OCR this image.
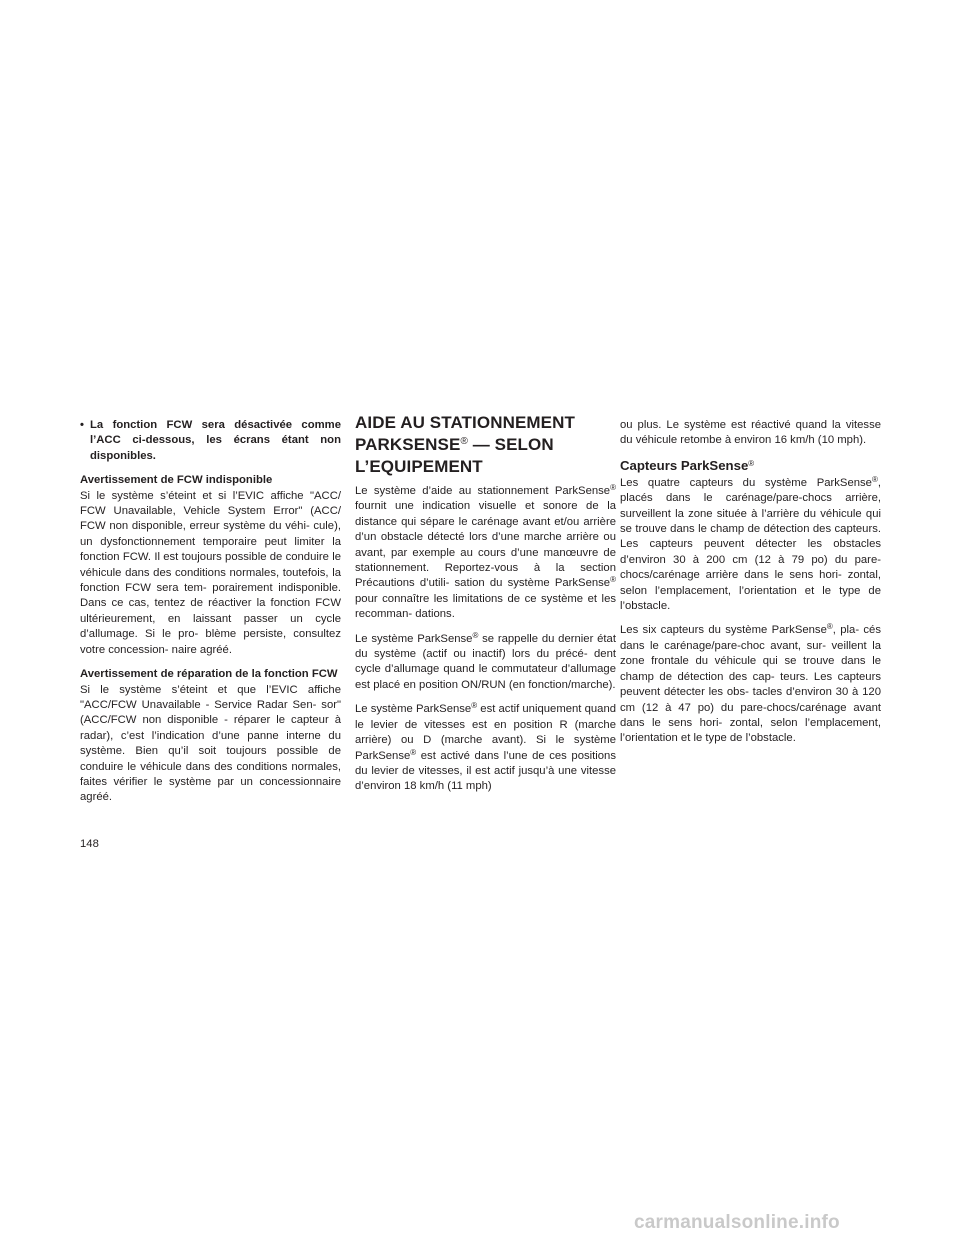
• La fonction FCW sera désactivée comme l’ACC ci-dessous, les écrans étant non disponibles.

Avertissement de FCW indisponible

Si le système s’éteint et si l’EVIC affiche "ACC/ FCW Unavailable, Vehicle System Error" (ACC/ FCW non disponible, erreur système du véhi- cule), un dysfonctionnement temporaire peut limiter la fonction FCW. Il est toujours possible de conduire le véhicule dans des conditions normales, toutefois, la fonction FCW sera tem- porairement indisponible. Dans ce cas, tentez de réactiver la fonction FCW ultérieurement, en laissant passer un cycle d’allumage. Si le pro- blème persiste, consultez votre concession- naire agréé.

Avertissement de réparation de la fonction FCW

Si le système s’éteint et que l’EVIC affiche "ACC/FCW Unavailable - Service Radar Sen- sor" (ACC/FCW non disponible - réparer le capteur à radar), c’est l’indication d’une panne interne du système. Bien qu’il soit toujours possible de conduire le véhicule dans des conditions normales, faites vérifier le système par un concessionnaire agréé.

AIDE AU STATIONNEMENT PARKSENSE® — SELON L’EQUIPEMENT

Le système d’aide au stationnement ParkSense® fournit une indication visuelle et sonore de la distance qui sépare le carénage avant et/ou arrière d’un obstacle détecté lors d’une marche arrière ou avant, par exemple au cours d’une manœuvre de stationnement. Reportez-vous à la section Précautions d’utili- sation du système ParkSense® pour connaître les limitations de ce système et les recomman- dations.

Le système ParkSense® se rappelle du dernier état du système (actif ou inactif) lors du précé- dent cycle d’allumage quand le commutateur d’allumage est placé en position ON/RUN (en fonction/marche).

Le système ParkSense® est actif uniquement quand le levier de vitesses est en position R (marche arrière) ou D (marche avant). Si le système ParkSense® est activé dans l’une de ces positions du levier de vitesses, il est actif jusqu’à une vitesse d’environ 18 km/h (11 mph)

ou plus. Le système est réactivé quand la vitesse du véhicule retombe à environ 16 km/h (10 mph).

Capteurs ParkSense®

Les quatre capteurs du système ParkSense®, placés dans le carénage/pare-chocs arrière, surveillent la zone située à l’arrière du véhicule qui se trouve dans le champ de détection des capteurs. Les capteurs peuvent détecter les obstacles d’environ 30 à 200 cm (12 à 79 po) du pare-chocs/carénage arrière dans le sens hori- zontal, selon l’emplacement, l’orientation et le type de l’obstacle.

Les six capteurs du système ParkSense®, pla- cés dans le carénage/pare-choc avant, sur- veillent la zone frontale du véhicule qui se trouve dans le champ de détection des cap- teurs. Les capteurs peuvent détecter les obs- tacles d’environ 30 à 120 cm (12 à 47 po) du pare-chocs/carénage avant dans le sens hori- zontal, selon l’emplacement, l’orientation et le type de l’obstacle.

148
carmanualsonline.info
